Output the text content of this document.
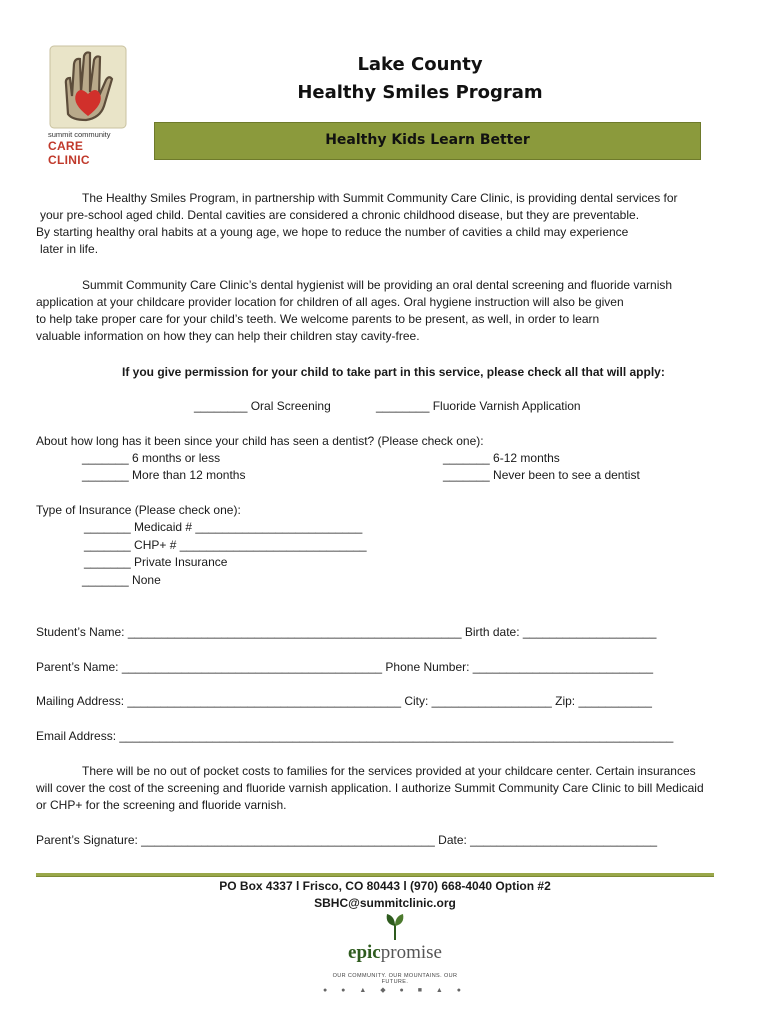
summit community
CARE CLINIC
Lake County
Healthy Smiles Program
Healthy Kids Learn Better
The Healthy Smiles Program, in partnership with Summit Community Care Clinic, is providing dental services for
your pre-school aged child. Dental cavities are considered a chronic childhood disease, but they are preventable.
By starting healthy oral habits at a young age, we hope to reduce the number of cavities a child may experience
later in life.
Summit Community Care Clinic’s dental hygienist will be providing an oral dental screening and fluoride varnish
application at your childcare provider location for children of all ages. Oral hygiene instruction will also be given
to help take proper care for your child’s teeth. We welcome parents to be present, as well, in order to learn
valuable information on how they can help their children stay cavity-free.
If you give permission for your child to take part in this service, please check all that will apply:
________ Oral Screening	________ Fluoride Varnish Application
About how long has it been since your child has seen a dentist? (Please check one):
_______ 6 months or less	_______ 6-12 months
_______ More than 12 months	_______ Never been to see a dentist
Type of Insurance (Please check one):
_______ Medicaid # _________________________
_______ CHP+ # ____________________________
_______ Private Insurance
_______ None
Student’s Name: __________________________________________________ Birth date: ____________________
Parent’s Name: _______________________________________ Phone Number: ___________________________
Mailing Address: _________________________________________ City: __________________ Zip: ___________
Email Address: ___________________________________________________________________________________
There will be no out of pocket costs to families for the services provided at your childcare center. Certain insurances
will cover the cost of the screening and fluoride varnish application. I authorize Summit Community Care Clinic to bill Medicaid
or CHP+ for the screening and fluoride varnish.
Parent’s Signature: ____________________________________________ Date: ____________________________
PO Box 4337 l Frisco, CO 80443 l (970) 668-4040 Option #2
SBHC@summitclinic.org
epicpromise
OUR COMMUNITY. OUR MOUNTAINS. OUR FUTURE.
● ● ▲ ◆ ● ■ ▲ ●
